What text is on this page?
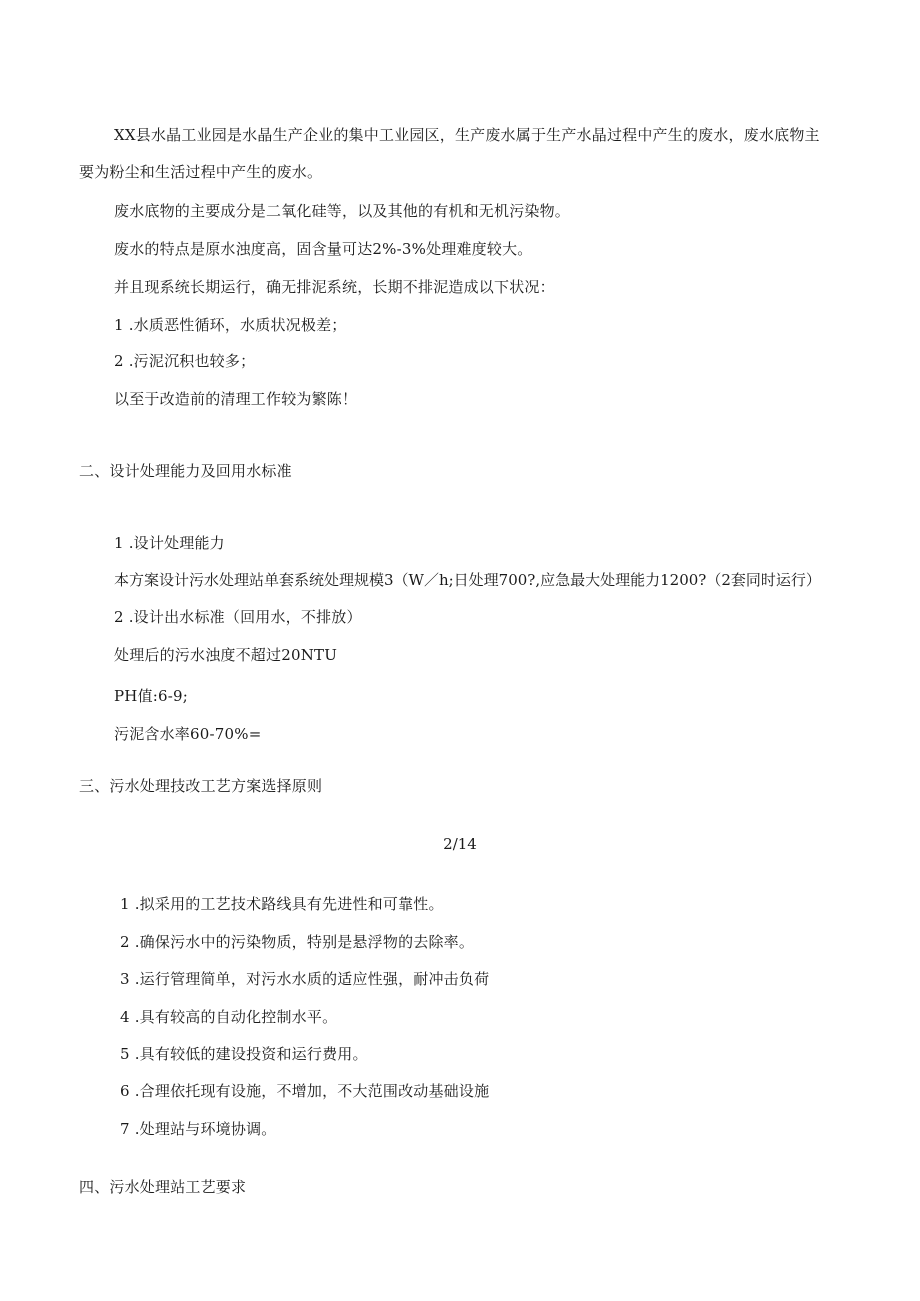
XX县水晶工业园是水晶生产企业的集中工业园区，生产废水属于生产水晶过程中产生的废水，废水底物主
要为粉尘和生活过程中产生的废水。
废水底物的主要成分是二氧化硅等，以及其他的有机和无机污染物。
废水的特点是原水浊度高，固含量可达2%-3%处理难度较大。
并且现系统长期运行，确无排泥系统，长期不排泥造成以下状况：
1 .水质恶性循环，水质状况极差；
2 .污泥沉积也较多；
以至于改造前的清理工作较为繁陈！
二、设计处理能力及回用水标准
1 .设计处理能力
本方案设计污水处理站单套系统处理规模3（W／h;日处理700?,应急最大处理能力1200?（2套同时运行）
2 .设计出水标准（回用水，不排放）
处理后的污水浊度不超过20NTU
PH值:6-9;
污泥含水率60-70%=
三、污水处理技改工艺方案选择原则
2/14
1 .拟采用的工艺技术路线具有先进性和可靠性。
2 .确保污水中的污染物质，特别是悬浮物的去除率。
3 .运行管理简单，对污水水质的适应性强，耐冲击负荷
4 .具有较高的自动化控制水平。
5 .具有较低的建设投资和运行费用。
6 .合理依托现有设施，不增加，不大范围改动基础设施
7 .处理站与环境协调。
四、污水处理站工艺要求
